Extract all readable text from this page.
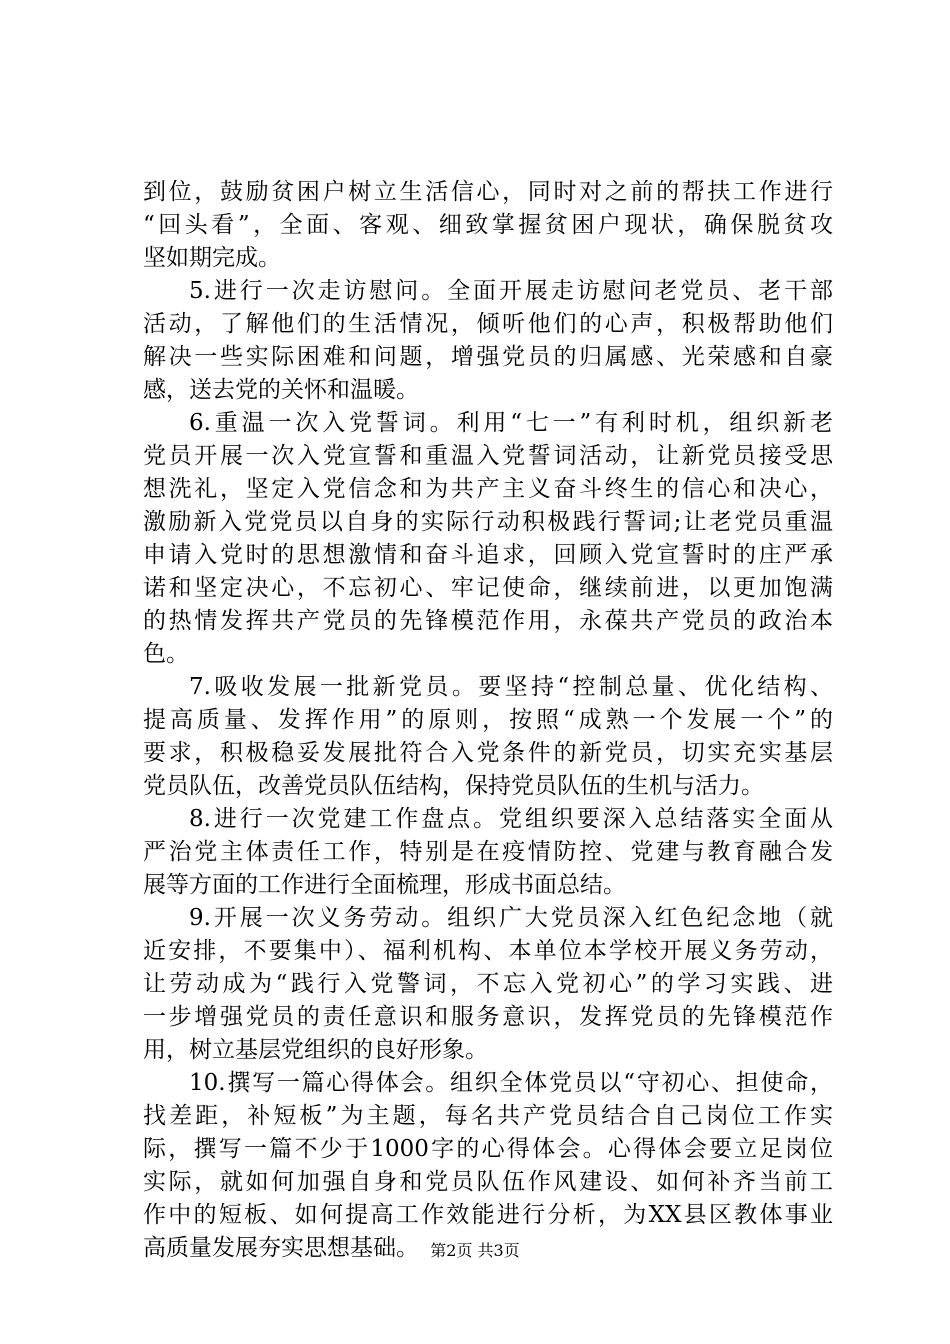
到位，鼓励贫困户树立生活信心，同时对之前的帮扶工作进行
“回头看”，全面、客观、细致掌握贫困户现状，确保脱贫攻
坚如期完成。
5.进行一次走访慰问。全面开展走访慰问老党员、老干部
活动，了解他们的生活情况，倾听他们的心声，积极帮助他们
解决一些实际困难和问题，增强党员的归属感、光荣感和自豪
感，送去党的关怀和温暖。
6.重温一次入党誓词。利用“七一”有利时机，组织新老
党员开展一次入党宣誓和重温入党誓词活动，让新党员接受思
想洗礼，坚定入党信念和为共产主义奋斗终生的信心和决心，
激励新入党党员以自身的实际行动积极践行誓词;让老党员重温
申请入党时的思想激情和奋斗追求，回顾入党宣誓时的庄严承
诺和坚定决心，不忘初心、牢记使命，继续前进，以更加饱满
的热情发挥共产党员的先锋模范作用，永葆共产党员的政治本
色。
7.吸收发展一批新党员。要坚持“控制总量、优化结构、
提高质量、发挥作用”的原则，按照“成熟一个发展一个”的
要求，积极稳妥发展批符合入党条件的新党员，切实充实基层
党员队伍，改善党员队伍结构，保持党员队伍的生机与活力。
8.进行一次党建工作盘点。党组织要深入总结落实全面从
严治党主体责任工作，特别是在疫情防控、党建与教育融合发
展等方面的工作进行全面梳理，形成书面总结。
9.开展一次义务劳动。组织广大党员深入红色纪念地（就
近安排，不要集中）、福利机构、本单位本学校开展义务劳动，
让劳动成为“践行入党警词，不忘入党初心”的学习实践、进
一步增强党员的责任意识和服务意识，发挥党员的先锋模范作
用，树立基层党组织的良好形象。
10.撰写一篇心得体会。组织全体党员以“守初心、担使命，
找差距，补短板”为主题，每名共产党员结合自己岗位工作实
际，撰写一篇不少于1000字的心得体会。心得体会要立足岗位
实际，就如何加强自身和党员队伍作风建设、如何补齐当前工
作中的短板、如何提高工作效能进行分析，为XX县区教体事业
高质量发展夯实思想基础。 第2页 共3页
